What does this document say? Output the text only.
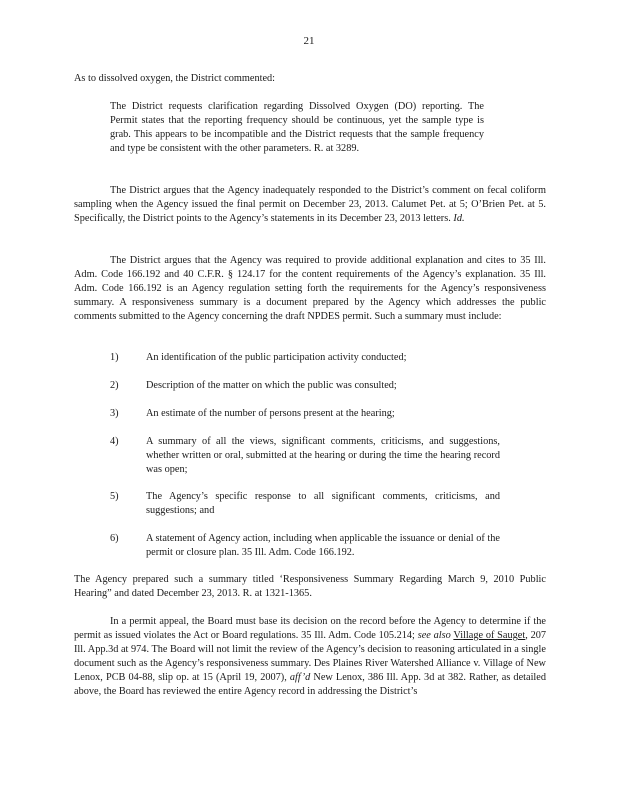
21

As to dissolved oxygen, the District commented:

The District requests clarification regarding Dissolved Oxygen (DO) reporting. The Permit states that the reporting frequency should be continuous, yet the sample type is grab. This appears to be incompatible and the District requests that the sample frequency and type be consistent with the other parameters. R. at 3289.

The District argues that the Agency inadequately responded to the District’s comment on fecal coliform sampling when the Agency issued the final permit on December 23, 2013. Calumet Pet. at 5; O’Brien Pet. at 5. Specifically, the District points to the Agency’s statements in its December 23, 2013 letters. Id.

The District argues that the Agency was required to provide additional explanation and cites to 35 Ill. Adm. Code 166.192 and 40 C.F.R. § 124.17 for the content requirements of the Agency’s explanation. 35 Ill. Adm. Code 166.192 is an Agency regulation setting forth the requirements for the Agency’s responsiveness summary. A responsiveness summary is a document prepared by the Agency which addresses the public comments submitted to the Agency concerning the draft NPDES permit. Such a summary must include:

1)	An identification of the public participation activity conducted;

2)	Description of the matter on which the public was consulted;

3)	An estimate of the number of persons present at the hearing;

4)	A summary of all the views, significant comments, criticisms, and suggestions, whether written or oral, submitted at the hearing or during the time the hearing record was open;

5)	The Agency’s specific response to all significant comments, criticisms, and suggestions; and

6)	A statement of Agency action, including when applicable the issuance or denial of the permit or closure plan. 35 Ill. Adm. Code 166.192.

The Agency prepared such a summary titled ‘Responsiveness Summary Regarding March 9, 2010 Public Hearing” and dated December 23, 2013. R. at 1321-1365.

In a permit appeal, the Board must base its decision on the record before the Agency to determine if the permit as issued violates the Act or Board regulations. 35 Ill. Adm. Code 105.214; see also Village of Sauget, 207 Ill. App.3d at 974. The Board will not limit the review of the Agency’s decision to reasoning articulated in a single document such as the Agency’s responsiveness summary. Des Plaines River Watershed Alliance v. Village of New Lenox, PCB 04-88, slip op. at 15 (April 19, 2007), aff’d New Lenox, 386 Ill. App. 3d at 382. Rather, as detailed above, the Board has reviewed the entire Agency record in addressing the District’s
